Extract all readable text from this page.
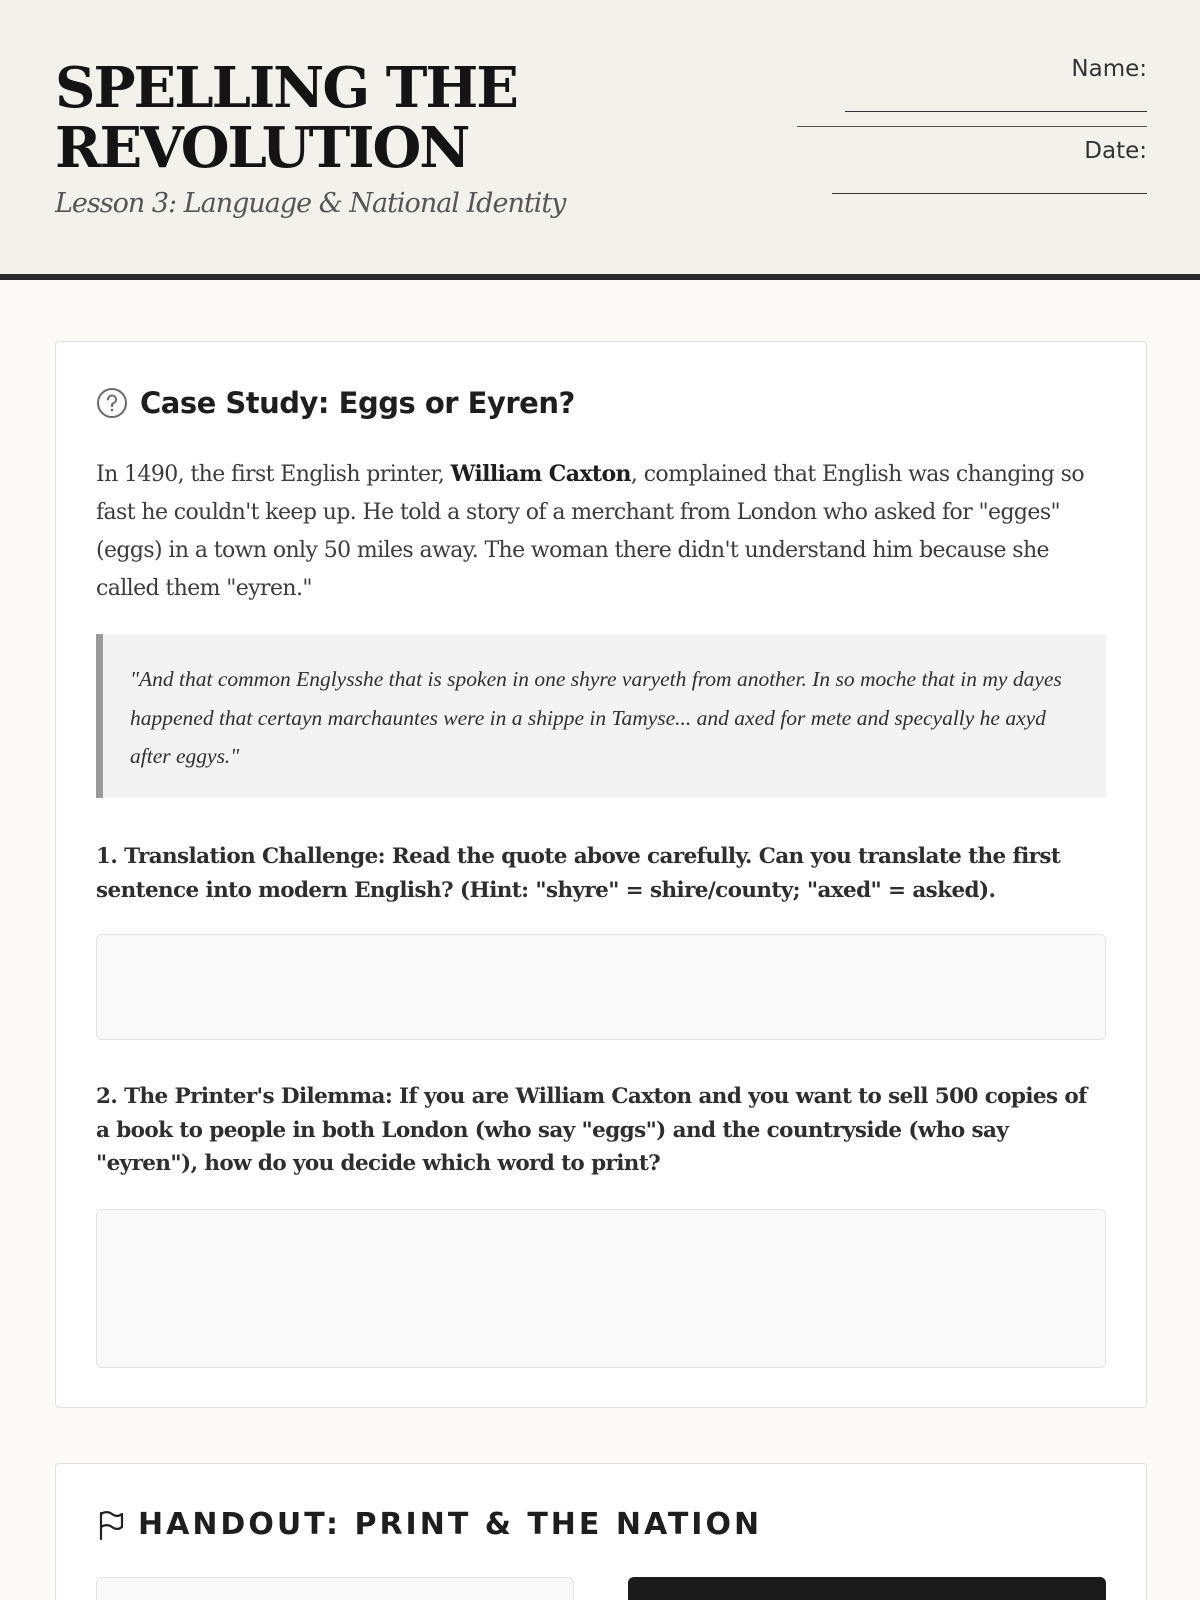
SPELLING THE
REVOLUTION
Lesson 3: Language & National Identity
Name:
Date:
Case Study: Eggs or Eyren?

In 1490, the first English printer, William Caxton, complained that English was changing so fast he couldn't keep up. He told a story of a merchant from London who asked for "egges" (eggs) in a town only 50 miles away. The woman there didn't understand him because she called them "eyren."

"And that common Englysshe that is spoken in one shyre varyeth from another. In so moche that in my dayes happened that certayn marchauntes were in a shippe in Tamyse... and axed for mete and specyally he axyd after eggys."

1. Translation Challenge: Read the quote above carefully. Can you translate the first sentence into modern English? (Hint: "shyre" = shire/county; "axed" = asked).

2. The Printer's Dilemma: If you are William Caxton and you want to sell 500 copies of a book to people in both London (who say "eggs") and the countryside (who say "eyren"), how do you decide which word to print?

HANDOUT: PRINT & THE NATION
